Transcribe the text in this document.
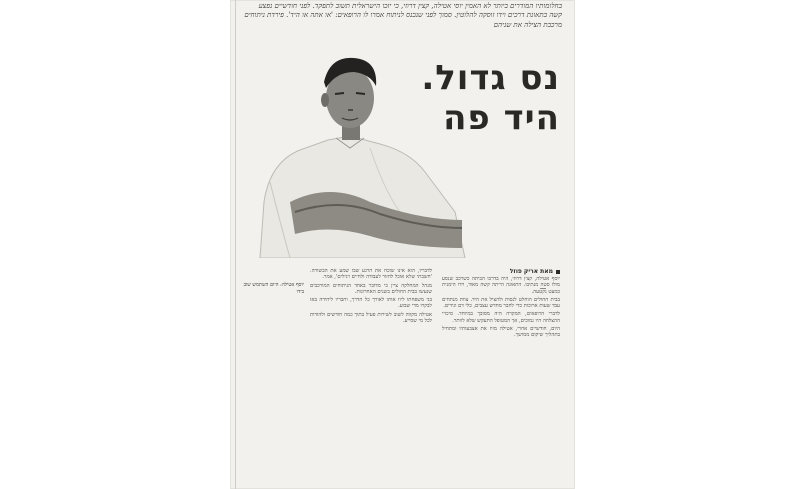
בחלומותיו המודרים ביותר לא האמין יוסי אטילה, קצין דרוזי, כי יזכו הישראלית תשוב לתפקד. לפני חודשיים נפצע קשה בתאונת דרכים וידו זוסקה להלוטין. סמוך לפני שנכנס לניתוח אמרו לו הרופאים: 'או אתה או היד'. פירדת ניתוחים מרכבת הצילה את שניהם
נס גדול.
היד פה
יוסף אטילה: היום השתמש שוב בידו
מאת אריק פוזל

יוסף אטילה, קצין דרוזי, היה בדרכו הביתה כשרכב שנסע מולו סטה מנתיבו. התאונה הייתה קשה מאוד, וידו הימנית כמעט נקטעה.

בבית החולים הוחלט לנסות ולהציל את היד. צוות מנתחים עבד שעות ארוכות כדי לחבר מחדש עצבים, כלי דם וגידים.

לדברי הרופאים, המקרה היה מסובך במיוחד. סיכויי ההצלחה היו נמוכים, אך המטופל התעקש שלא לוותר.

היום, חודשיים אחרי, אטילה מזיז את אצבעותיו ומתחיל בתהליך שיקום ממושך.

לדבריו, הוא אינו שוכח את הרגע שבו שמע את הבשורה. 'חשבתי שלא אוכל לחזור לעבודה ולחיים רגילים', אמר.

מנהל המחלקה ציין כי מדובר באחד הניתוחים המורכבים שנעשו בבית החולים בשנים האחרונות.

בני משפחתו ליוו אותו לאורך כל הדרך, וחבריו ליחידה באו לבקרו מדי שבוע.

אטילה מקווה לשוב לשירות פעיל בתוך כמה חודשים ולהודות לכל מי שסייע.
